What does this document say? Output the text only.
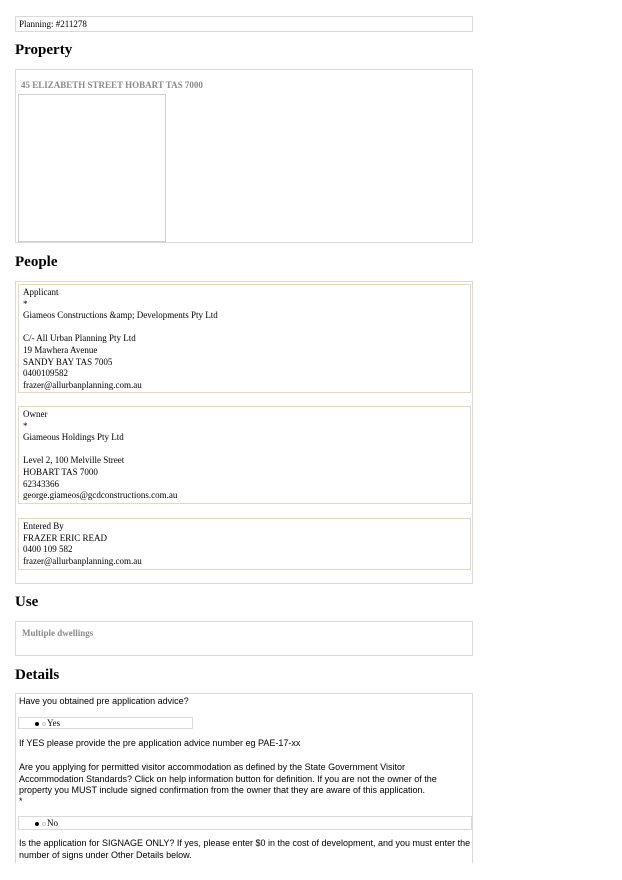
Planning: #211278
Property
45 ELIZABETH STREET HOBART TAS 7000
People
Applicant
*
Giameos Constructions &amp; Developments Pty Ltd
C/- All Urban Planning Pty Ltd
19 Mawhera Avenue
SANDY BAY TAS 7005
0400109582
frazer@allurbanplanning.com.au
Owner
*
Giameous Holdings Pty Ltd
Level 2, 100 Melville Street
HOBART TAS 7000
62343366
george.giameos@gcdconstructions.com.au
Entered By
FRAZER ERIC READ
0400 109 582
frazer@allurbanplanning.com.au
Use
Multiple dwellings
Details
Have you obtained pre application advice?
Yes
If YES please provide the pre application advice number eg PAE-17-xx
Are you applying for permitted visitor accommodation as defined by the State Government Visitor
Accommodation Standards? Click on help information button for definition. If you are not the owner of the
property you MUST include signed confirmation from the owner that they are aware of this application.
*
No
Is the application for SIGNAGE ONLY? If yes, please enter $0 in the cost of development, and you must enter the
number of signs under Other Details below.
